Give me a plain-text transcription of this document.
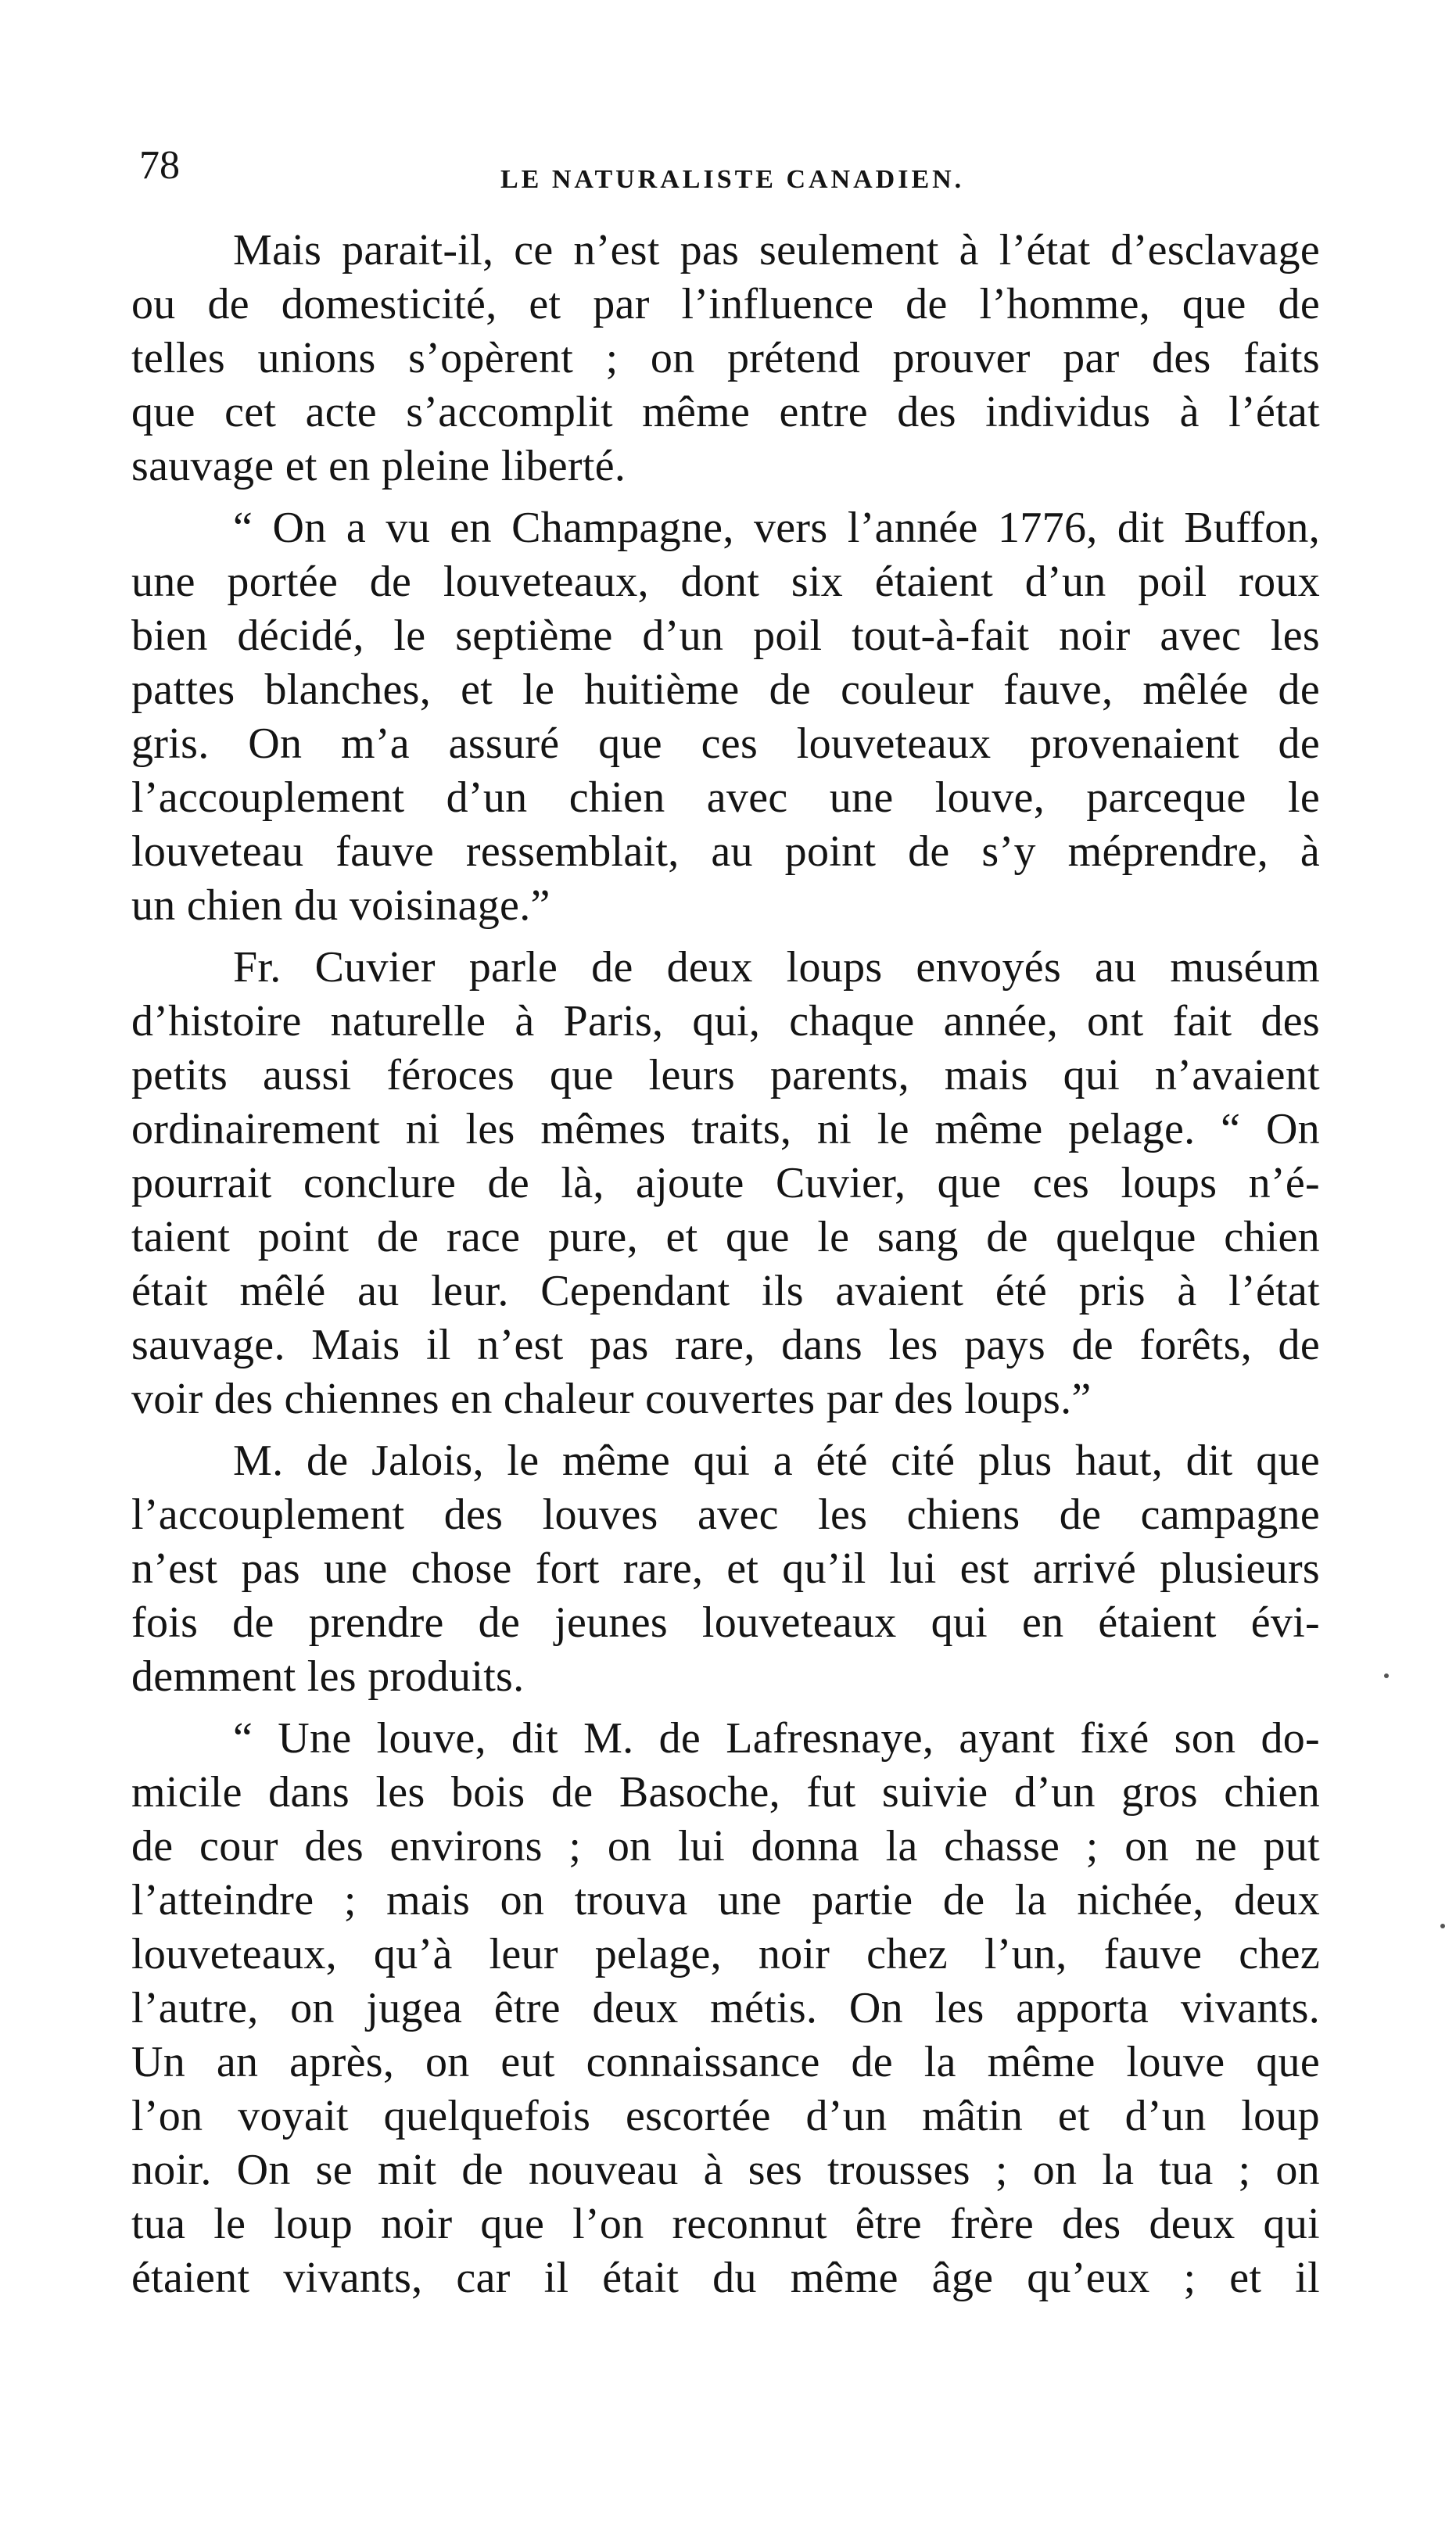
78	LE NATURALISTE CANADIEN.
Mais parait-il, ce n’est pas seulement à l’état d’esclavage
ou de domesticité, et par l’influence de l’homme, que de
telles unions s’opèrent ; on prétend prouver par des faits
que cet acte s’accomplit même entre des individus à l’état
sauvage et en pleine liberté.
“ On a vu en Champagne, vers l’année 1776, dit Buffon,
une portée de louveteaux, dont six étaient d’un poil roux
bien décidé, le septième d’un poil tout-à-fait noir avec les
pattes blanches, et le huitième de couleur fauve, mêlée de
gris. On m’a assuré que ces louveteaux provenaient de
l’accouplement d’un chien avec une louve, parceque le
louveteau fauve ressemblait, au point de s’y méprendre, à
un chien du voisinage.”
Fr. Cuvier parle de deux loups envoyés au muséum
d’histoire naturelle à Paris, qui, chaque année, ont fait des
petits aussi féroces que leurs parents, mais qui n’avaient
ordinairement ni les mêmes traits, ni le même pelage. “ On
pourrait conclure de là, ajoute Cuvier, que ces loups n’é-
taient point de race pure, et que le sang de quelque chien
était mêlé au leur. Cependant ils avaient été pris à l’état
sauvage. Mais il n’est pas rare, dans les pays de forêts, de
voir des chiennes en chaleur couvertes par des loups.”
M. de Jalois, le même qui a été cité plus haut, dit que
l’accouplement des louves avec les chiens de campagne
n’est pas une chose fort rare, et qu’il lui est arrivé plusieurs
fois de prendre de jeunes louveteaux qui en étaient évi-
demment les produits.
“ Une louve, dit M. de Lafresnaye, ayant fixé son do-
micile dans les bois de Basoche, fut suivie d’un gros chien
de cour des environs ; on lui donna la chasse ; on ne put
l’atteindre ; mais on trouva une partie de la nichée, deux
louveteaux, qu’à leur pelage, noir chez l’un, fauve chez
l’autre, on jugea être deux métis. On les apporta vivants.
Un an après, on eut connaissance de la même louve que
l’on voyait quelquefois escortée d’un mâtin et d’un loup
noir. On se mit de nouveau à ses trousses ; on la tua ; on
tua le loup noir que l’on reconnut être frère des deux qui
étaient vivants, car il était du même âge qu’eux ; et il
